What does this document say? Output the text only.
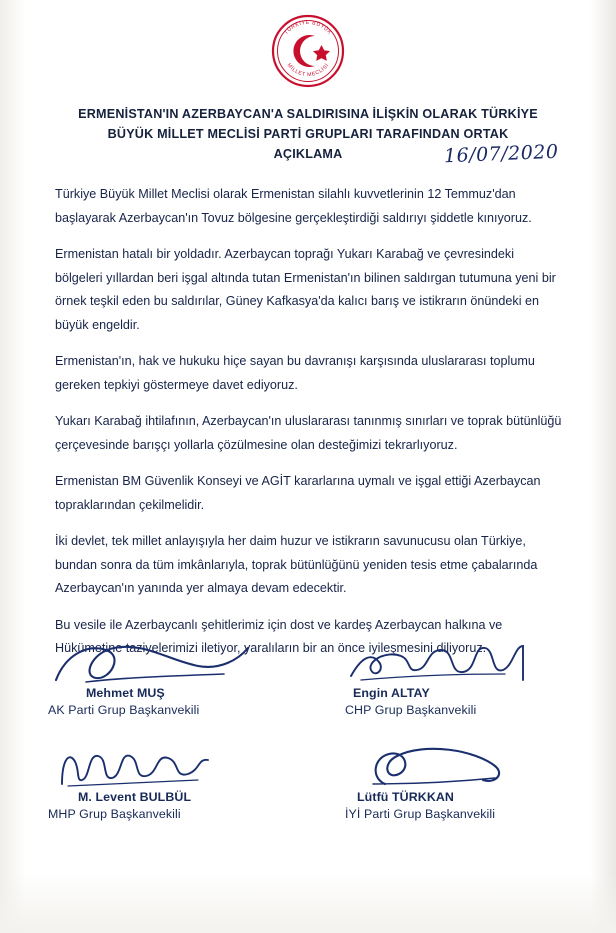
TÜRKİYE BÜYÜK
MİLLET MECLİSİ
ERMENİSTAN'IN AZERBAYCAN'A SALDIRISINA İLİŞKİN OLARAK TÜRKİYE
BÜYÜK MİLLET MECLİSİ PARTİ GRUPLARI TARAFINDAN ORTAK AÇIKLAMA	16/07/2020

Türkiye Büyük Millet Meclisi olarak Ermenistan silahlı kuvvetlerinin 12 Temmuz'dan başlayarak Azerbaycan'ın Tovuz bölgesine gerçekleştirdiği saldırıyı şiddetle kınıyoruz.

Ermenistan hatalı bir yoldadır. Azerbaycan toprağı Yukarı Karabağ ve çevresindeki bölgeleri yıllardan beri işgal altında tutan Ermenistan'ın bilinen saldırgan tutumuna yeni bir örnek teşkil eden bu saldırılar, Güney Kafkasya'da kalıcı barış ve istikrarın önündeki en büyük engeldir.

Ermenistan'ın, hak ve hukuku hiçe sayan bu davranışı karşısında uluslararası toplumu gereken tepkiyi göstermeye davet ediyoruz.

Yukarı Karabağ ihtilafının, Azerbaycan'ın uluslararası tanınmış sınırları ve toprak bütünlüğü çerçevesinde barışçı yollarla çözülmesine olan desteğimizi tekrarlıyoruz.

Ermenistan BM Güvenlik Konseyi ve AGİT kararlarına uymalı ve işgal ettiği Azerbaycan topraklarından çekilmelidir.

İki devlet, tek millet anlayışıyla her daim huzur ve istikrarın savunucusu olan Türkiye, bundan sonra da tüm imkânlarıyla, toprak bütünlüğünü yeniden tesis etme çabalarında Azerbaycan'ın yanında yer almaya devam edecektir.

Bu vesile ile Azerbaycanlı şehitlerimiz için dost ve kardeş Azerbaycan halkına ve Hükümetine taziyelerimizi iletiyor, yaralıların bir an önce iyileşmesini diliyoruz.

Mehmet MUŞ
AK Parti Grup Başkanvekili
Engin ALTAY
CHP Grup Başkanvekili
M. Levent BULBÜL
MHP Grup Başkanvekili
Lütfü TÜRKKAN
İYİ Parti Grup Başkanvekili
